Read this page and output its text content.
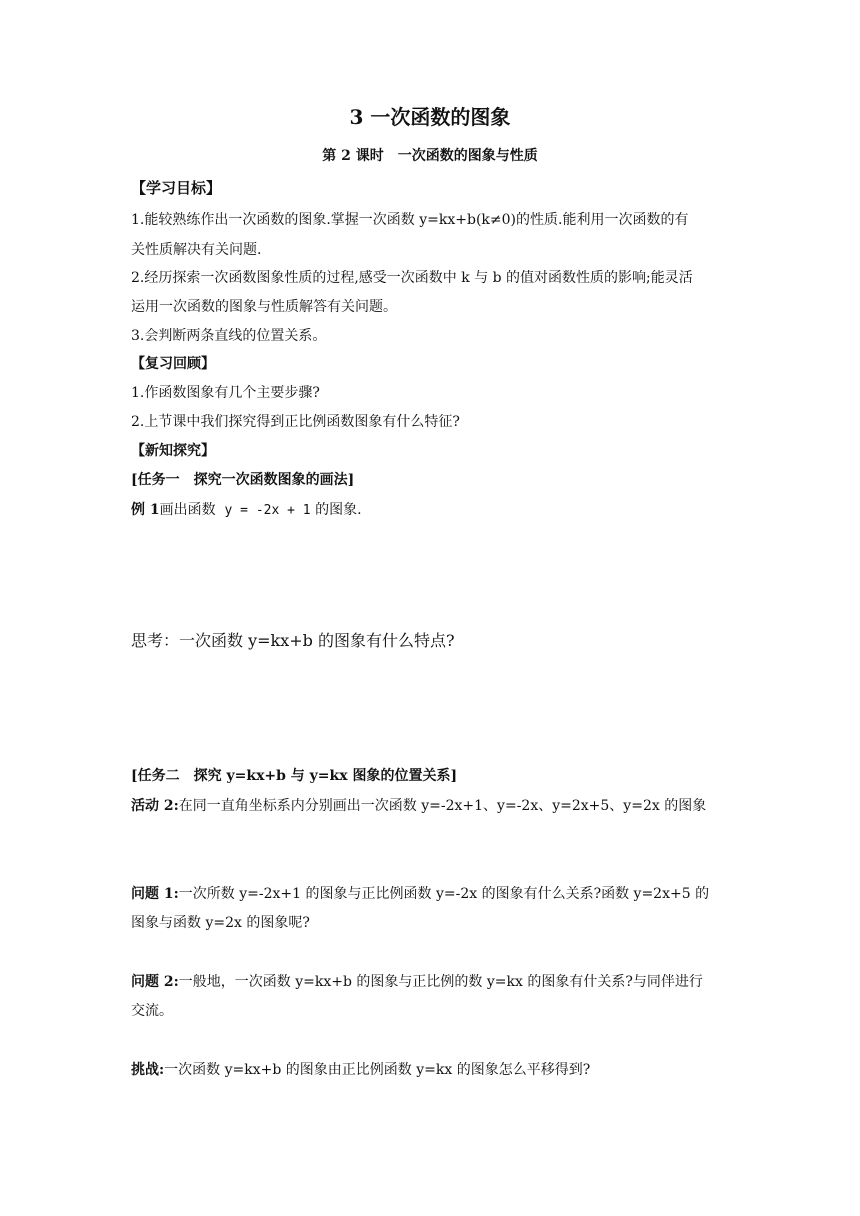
3 一次函数的图象
第 2 课时　一次函数的图象与性质
【学习目标】
1.能较熟练作出一次函数的图象.掌握一次函数 y=kx+b(k≠0)的性质.能利用一次函数的有
关性质解决有关问题.
2.经历探索一次函数图象性质的过程,感受一次函数中 k 与 b 的值对函数性质的影响;能灵活
运用一次函数的图象与性质解答有关问题。
3.会判断两条直线的位置关系。
【复习回顾】
1.作函数图象有几个主要步骤?
2.上节课中我们探究得到正比例函数图象有什么特征?
【新知探究】
[任务一　探究一次函数图象的画法]
例 1画出函数 y = -2x + 1 的图象.
思考：一次函数 y=kx+b 的图象有什么特点?
[任务二　探究 y=kx+b 与 y=kx 图象的位置关系]
活动 2:在同一直角坐标系内分别画出一次函数 y=-2x+1、y=-2x、y=2x+5、y=2x 的图象
问题 1:一次所数 y=-2x+1 的图象与正比例函数 y=-2x 的图象有什么关系?函数 y=2x+5 的
图象与函数 y=2x 的图象呢?
问题 2:一般地，一次函数 y=kx+b 的图象与正比例的数 y=kx 的图象有什关系?与同伴进行
交流。
挑战:一次函数 y=kx+b 的图象由正比例函数 y=kx 的图象怎么平移得到?
